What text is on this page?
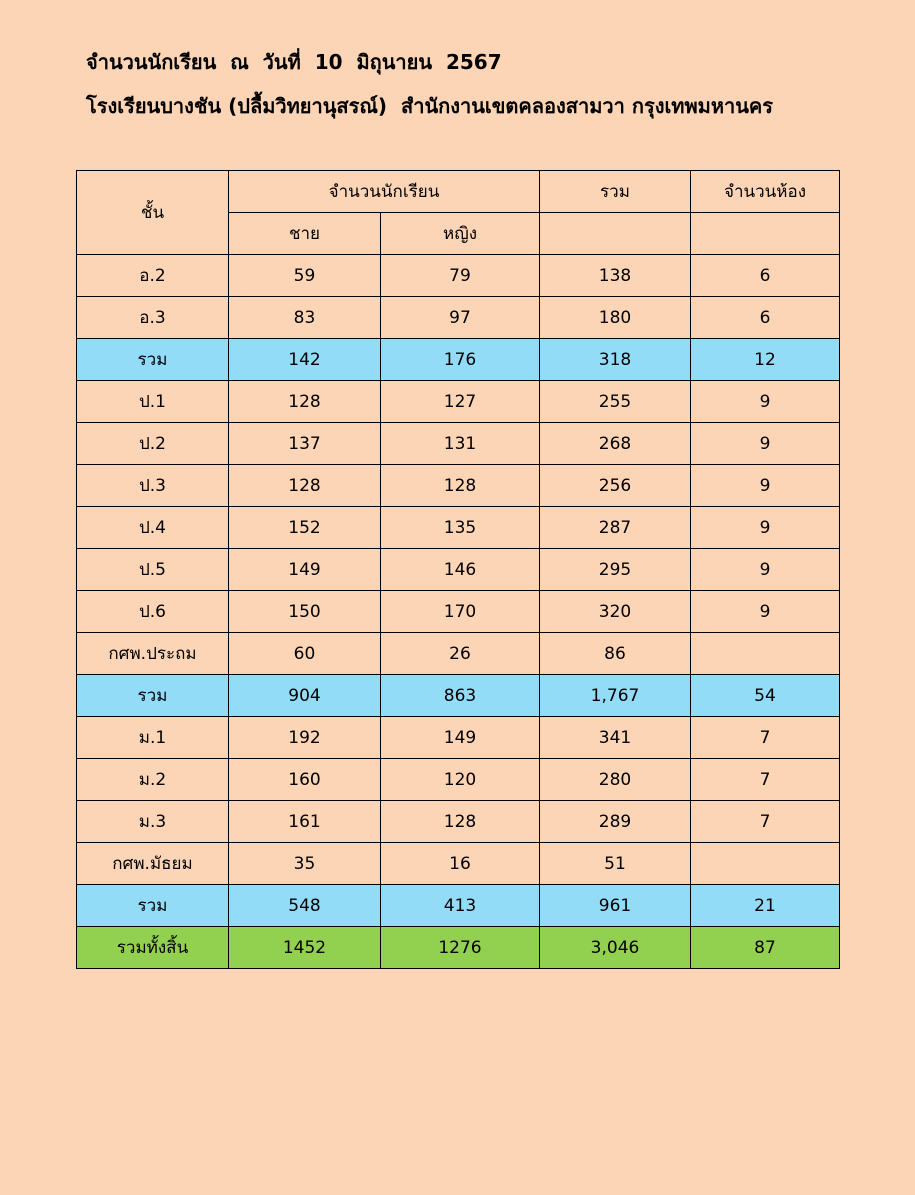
จำนวนนักเรียน  ณ  วันที่  10  มิถุนายน  2567
โรงเรียนบางชัน (ปลื้มวิทยานุสรณ์)  สำนักงานเขตคลองสามวา กรุงเทพมหานคร
ชั้น	จำนวนนักเรียน		รวม	จำนวนห้อง
	ชาย	หญิง		
อ.2	59	79	138	6
อ.3	83	97	180	6
รวม	142	176	318	12
ป.1	128	127	255	9
ป.2	137	131	268	9
ป.3	128	128	256	9
ป.4	152	135	287	9
ป.5	149	146	295	9
ป.6	150	170	320	9
กศพ.ประถม	60	26	86	
รวม	904	863	1,767	54
ม.1	192	149	341	7
ม.2	160	120	280	7
ม.3	161	128	289	7
กศพ.มัธยม	35	16	51	
รวม	548	413	961	21
รวมทั้งสิ้น	1452	1276	3,046	87
